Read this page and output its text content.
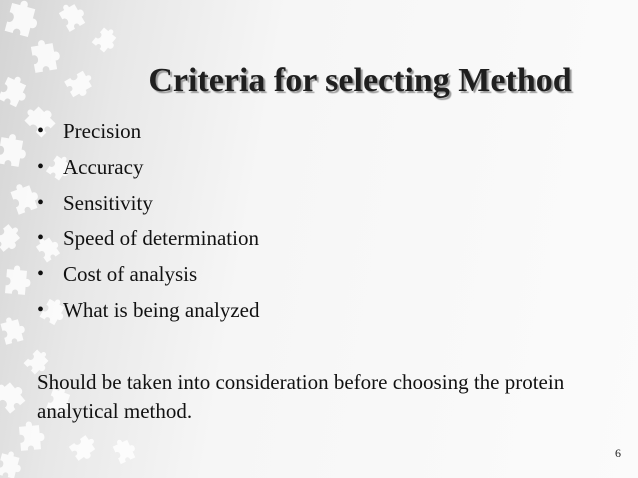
Criteria for selecting Method
• Precision
• Accuracy
• Sensitivity
• Speed of determination
• Cost of analysis
• What is being analyzed

Should be taken into consideration before choosing the protein analytical method.

6
